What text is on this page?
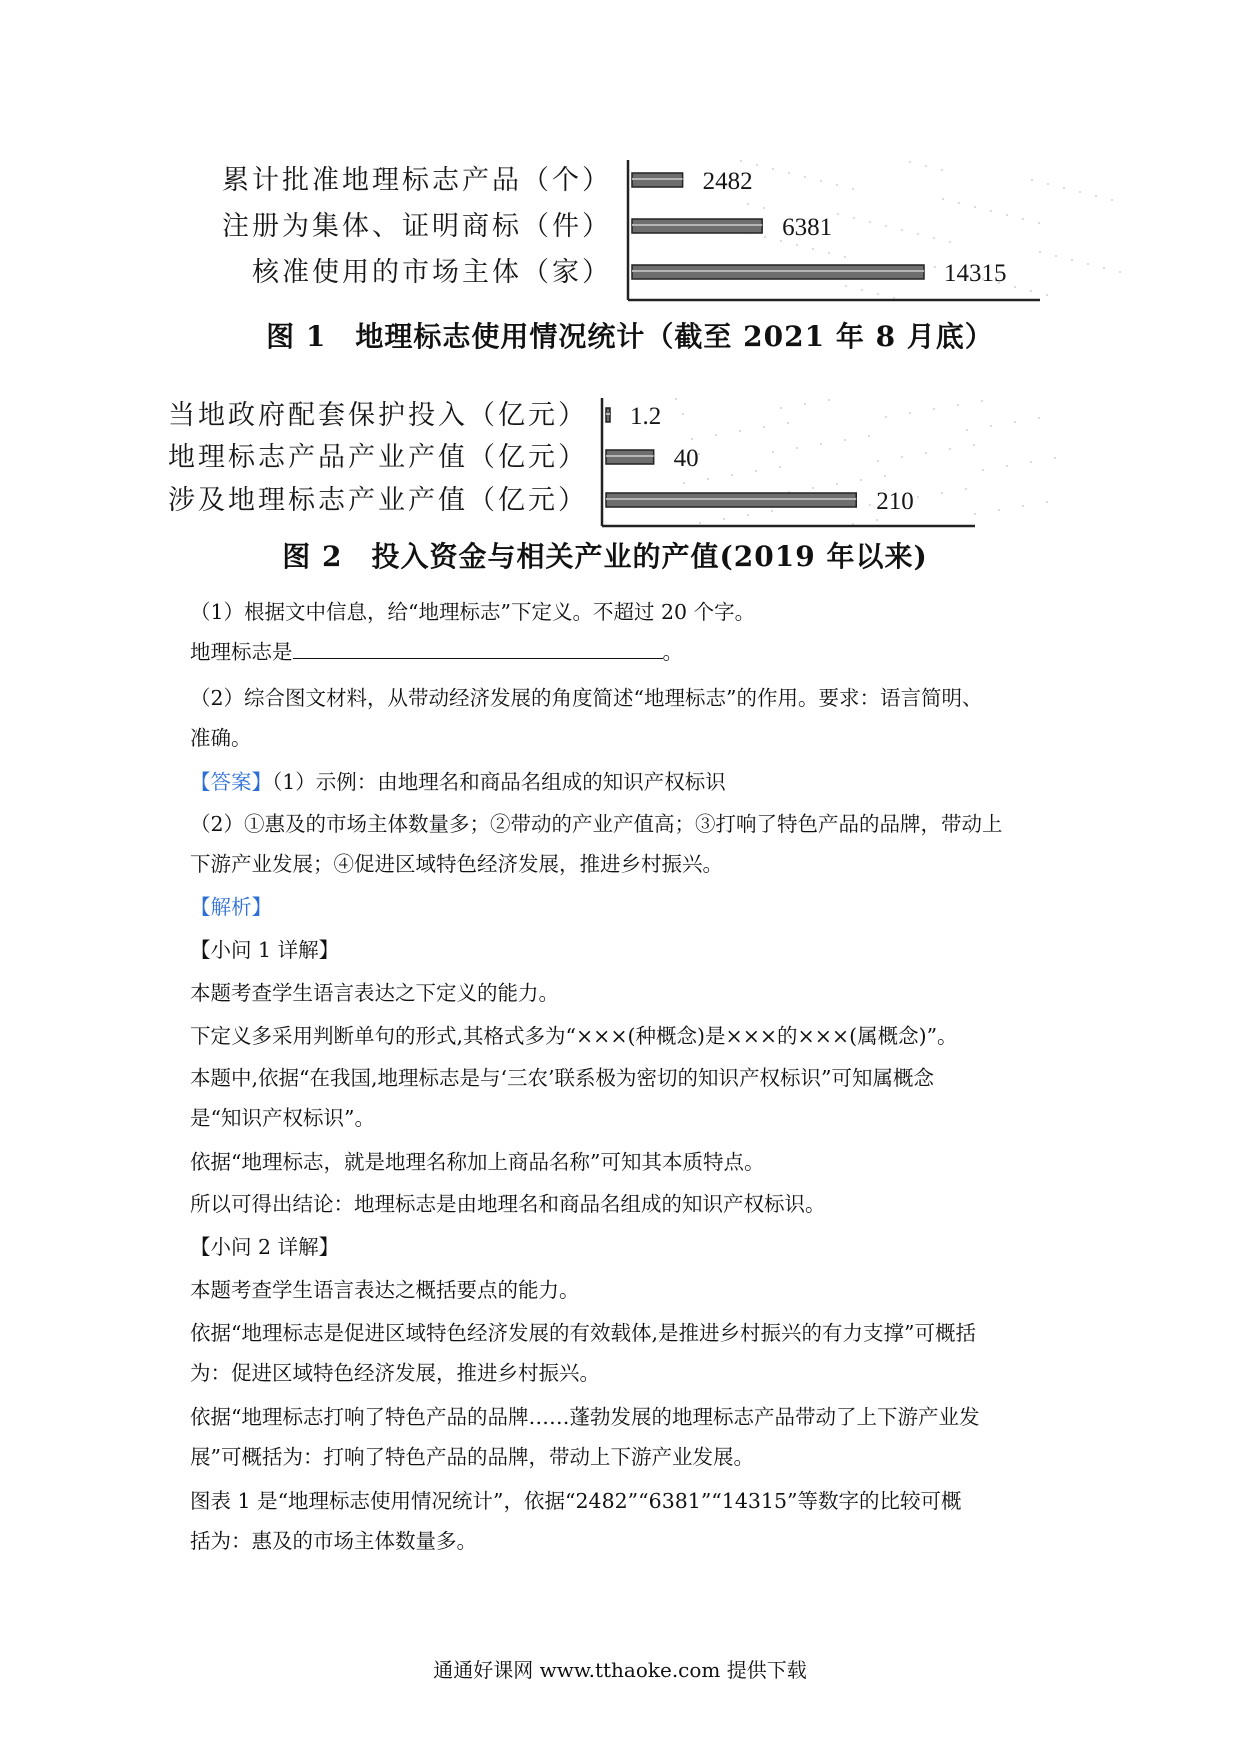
累计批准地理标志产品（个）	2482
注册为集体、证明商标（件）	6381
核准使用的市场主体（家）	14315
图 1　地理标志使用情况统计（截至 2021 年 8 月底）
当地政府配套保护投入（亿元） 1.2
地理标志产品产业产值（亿元）	40
涉及地理标志产业产值（亿元）	210
图 2　投入资金与相关产业的产值(2019 年以来)
（1）根据文中信息，给“地理标志”下定义。不超过 20 个字。
地理标志是	。
（2）综合图文材料，从带动经济发展的角度简述“地理标志”的作用。要求：语言简明、
准确。
【答案】（1）示例：由地理名和商品名组成的知识产权标识
（2）①惠及的市场主体数量多；②带动的产业产值高；③打响了特色产品的品牌，带动上
下游产业发展；④促进区域特色经济发展，推进乡村振兴。
【解析】
【小问 1 详解】
本题考查学生语言表达之下定义的能力。
下定义多采用判断单句的形式,其格式多为“×××(种概念)是×××的×××(属概念)”。
本题中,依据“在我国,地理标志是与‘三农’联系极为密切的知识产权标识”可知属概念
是“知识产权标识”。
依据“地理标志，就是地理名称加上商品名称”可知其本质特点。
所以可得出结论：地理标志是由地理名和商品名组成的知识产权标识。
【小问 2 详解】
本题考查学生语言表达之概括要点的能力。
依据“地理标志是促进区域特色经济发展的有效载体,是推进乡村振兴的有力支撑”可概括
为：促进区域特色经济发展，推进乡村振兴。
依据“地理标志打响了特色产品的品牌……蓬勃发展的地理标志产品带动了上下游产业发
展”可概括为：打响了特色产品的品牌，带动上下游产业发展。
图表 1 是“地理标志使用情况统计”，依据“2482”“6381”“14315”等数字的比较可概
括为：惠及的市场主体数量多。
通通好课网 www.tthaoke.com 提供下载
